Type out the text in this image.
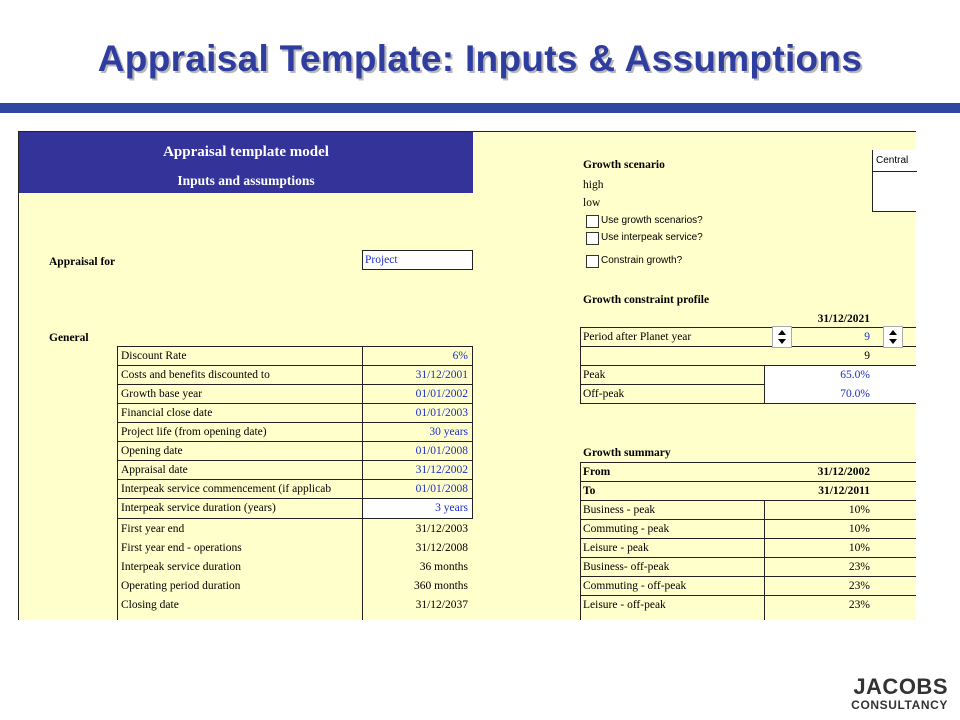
Appraisal Template: Inputs & Assumptions
Appraisal template model
Inputs and assumptions
Appraisal for	Project
General
Discount Rate	6%
Costs and benefits discounted to	31/12/2001
Growth base year	01/01/2002
Financial close date	01/01/2003
Project life (from opening date)	30 years
Opening date	01/01/2008
Appraisal date	31/12/2002
Interpeak service commencement (if applicab	01/01/2008
Interpeak service duration (years)	3 years
First year end	31/12/2003
First year end - operations	31/12/2008
Interpeak service duration	36 months
Operating period duration	360 months
Closing date	31/12/2037
Growth scenario	Central
high
low
Use growth scenarios?
Use interpeak service?
Constrain growth?
Growth constraint profile
31/12/2021
Period after Planet year	9
9
Peak	65.0%
Off-peak	70.0%
Growth summary
From	31/12/2002
To	31/12/2011
Business - peak	10%
Commuting - peak	10%
Leisure - peak	10%
Business- off-peak	23%
Commuting - off-peak	23%
Leisure - off-peak	23%
JACOBS
CONSULTANCY
